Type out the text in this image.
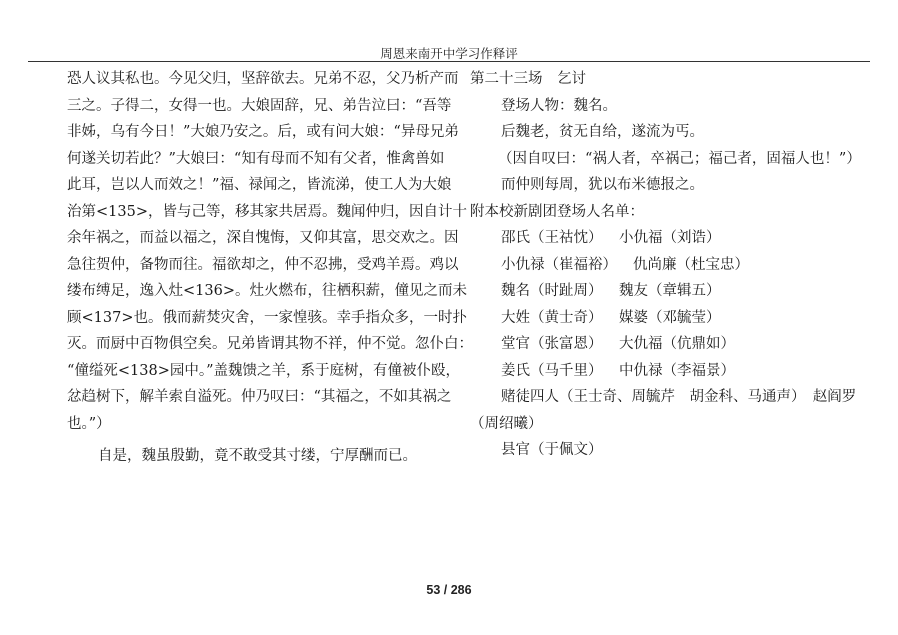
周恩来南开中学习作释评
恐人议其私也。今见父归，坚辞欲去。兄弟不忍，父乃析产而
三之。子得二，女得一也。大娘固辞，兄、弟告泣曰：“吾等
非姊，乌有今日！”大娘乃安之。后，或有问大娘：“异母兄弟
何遂关切若此？”大娘曰：“知有母而不知有父者，惟禽兽如
此耳，岂以人而效之！”福、禄闻之，皆流涕，使工人为大娘
治第<135>，皆与己等，移其家共居焉。魏闻仲归，因自计十
余年祸之，而益以福之，深自愧悔，又仰其富，思交欢之。因
急往贺仲，备物而往。福欲却之，仲不忍拂，受鸡羊焉。鸡以
缕布缚足，逸入灶<136>。灶火燃布，往栖积薪，僮见之而未
顾<137>也。俄而薪焚灾舍，一家惶骇。幸手指众多，一时扑
灭。而厨中百物俱空矣。兄弟皆谓其物不祥，仲不觉。忽仆白：
“僮缢死<138>园中。”盖魏馈之羊，系于庭树，有僮被仆殴，
忿趋树下，解羊索自溢死。仲乃叹曰：“其福之，不如其祸之
也。”）
自是，魏虽殷勤，竟不敢受其寸缕，宁厚酬而已。
第二十三场　乞讨
登场人物：魏名。
后魏老，贫无自给，遂流为丐。
（因自叹曰：“祸人者，卒祸己；福己者，固福人也！”）
而仲则每周，犹以布米德报之。
附本校新剧团登场人名单：
邵氏（王祜忱） 小仇福（刘诰）
小仇禄（崔福裕） 仇尚廉（杜宝忠）
魏名（时趾周） 魏友（章辑五）
大姓（黄士奇） 媒婆（邓毓莹）
堂官（张富恩） 大仇福（伉鼎如）
姜氏（马千里） 中仇禄（李福景）
赌徒四人（王士奇、周毓芹　胡金科、马通声）　赵阎罗
（周绍曦）
县官（于佩文）
53 / 286
